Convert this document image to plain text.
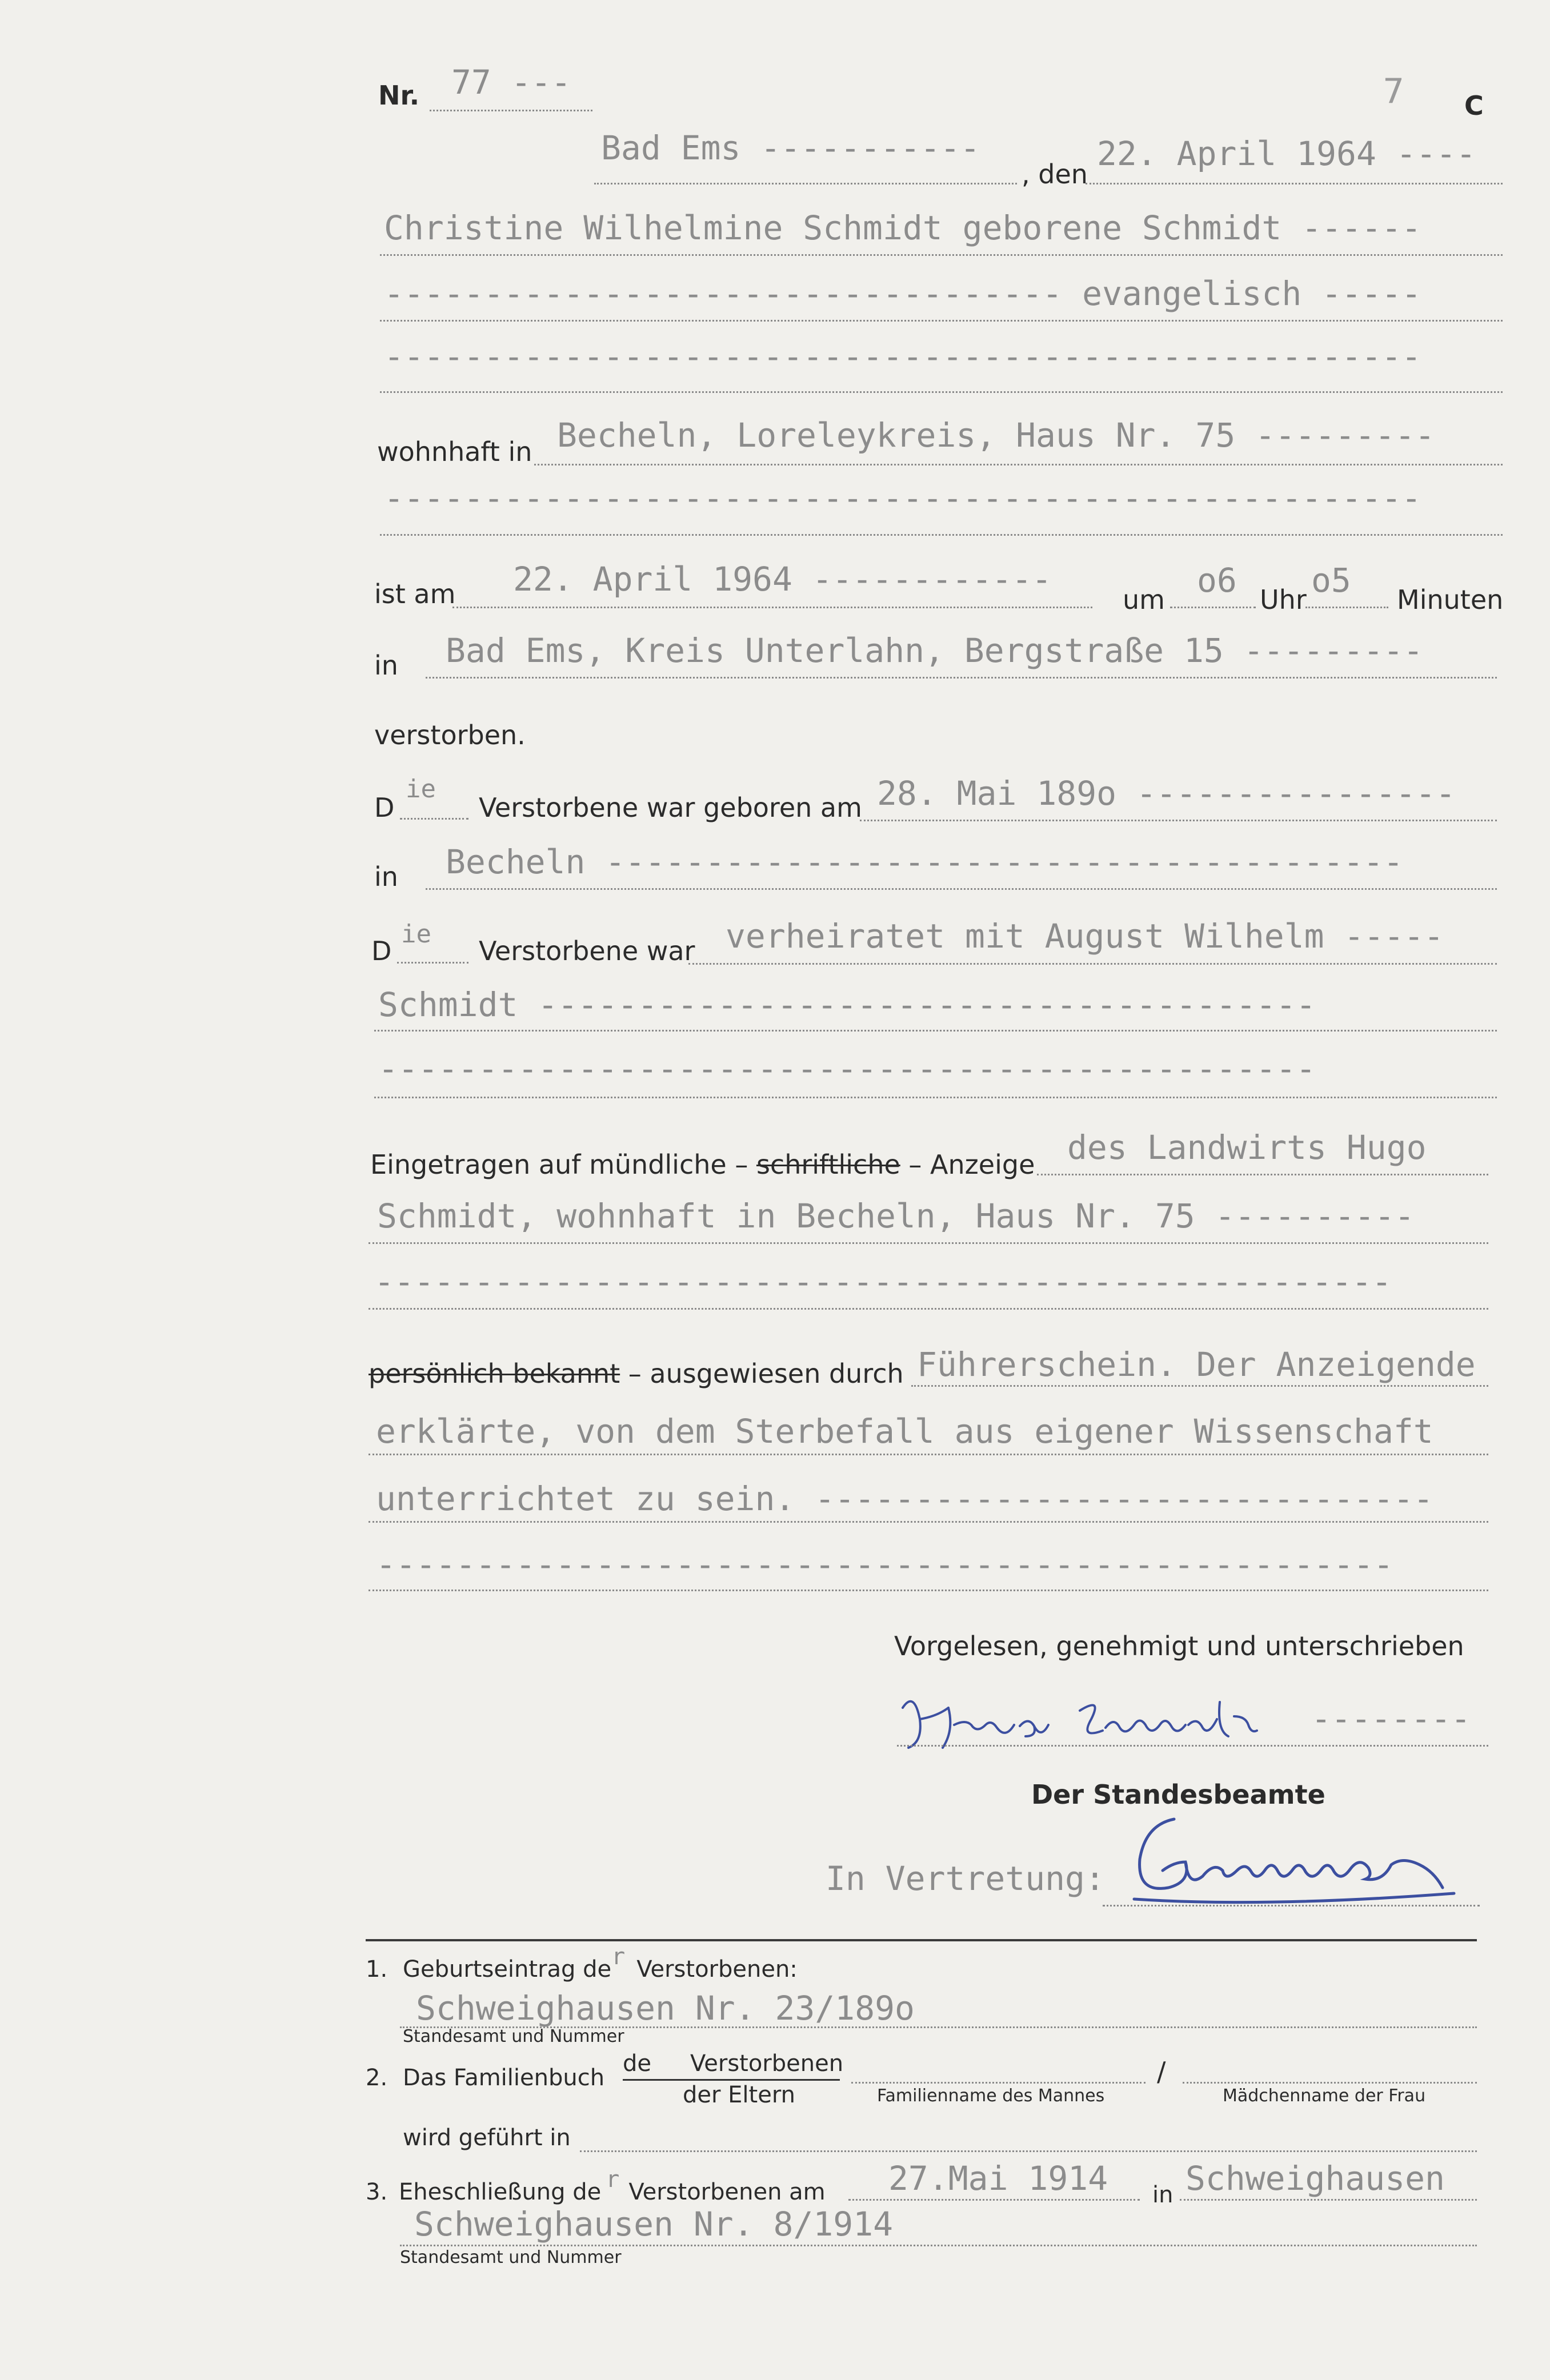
Nr. 77 ---	7 C
Bad Ems -----------
, den
22. April 1964 ----
Christine Wilhelmine Schmidt geborene Schmidt ------
---------------------------------- evangelisch -----
----------------------------------------------------
wohnhaft in Becheln, Loreleykreis, Haus Nr. 75 ---------
----------------------------------------------------
ist am 22. April 1964 ------------
um o6 Uhr o5 Minuten
in Bad Ems, Kreis Unterlahn, Bergstraße 15 ---------
verstorben.
D
ie
Verstorbene war geboren am 28. Mai 189o ----------------
in Becheln ----------------------------------------
D
ie
Verstorbene war verheiratet mit August Wilhelm -----
Schmidt ---------------------------------------
-----------------------------------------------
Eingetragen auf mündliche – schriftliche – Anzeige des Landwirts Hugo
Schmidt, wohnhaft in Becheln, Haus Nr. 75 ----------
---------------------------------------------------
persönlich bekannt – ausgewiesen durch Führerschein. Der Anzeigende
erklärte, von dem Sterbefall aus eigener Wissenschaft
unterrichtet zu sein. -------------------------------
---------------------------------------------------
Vorgelesen, genehmigt und unterschrieben
--------
Der Standesbeamte
In Vertretung:
1. Geburtseintrag der Verstorbenen:
Schweighausen Nr. 23/189o
Standesamt und Nummer
2. Das Familienbuch
de Verstorbenen
der Eltern
/
Familienname des Mannes	Mädchenname der Frau
wird geführt in
3. Eheschließung de r Verstorbenen am 27.Mai 1914 in Schweighausen
Schweighausen Nr. 8/1914
Standesamt und Nummer
